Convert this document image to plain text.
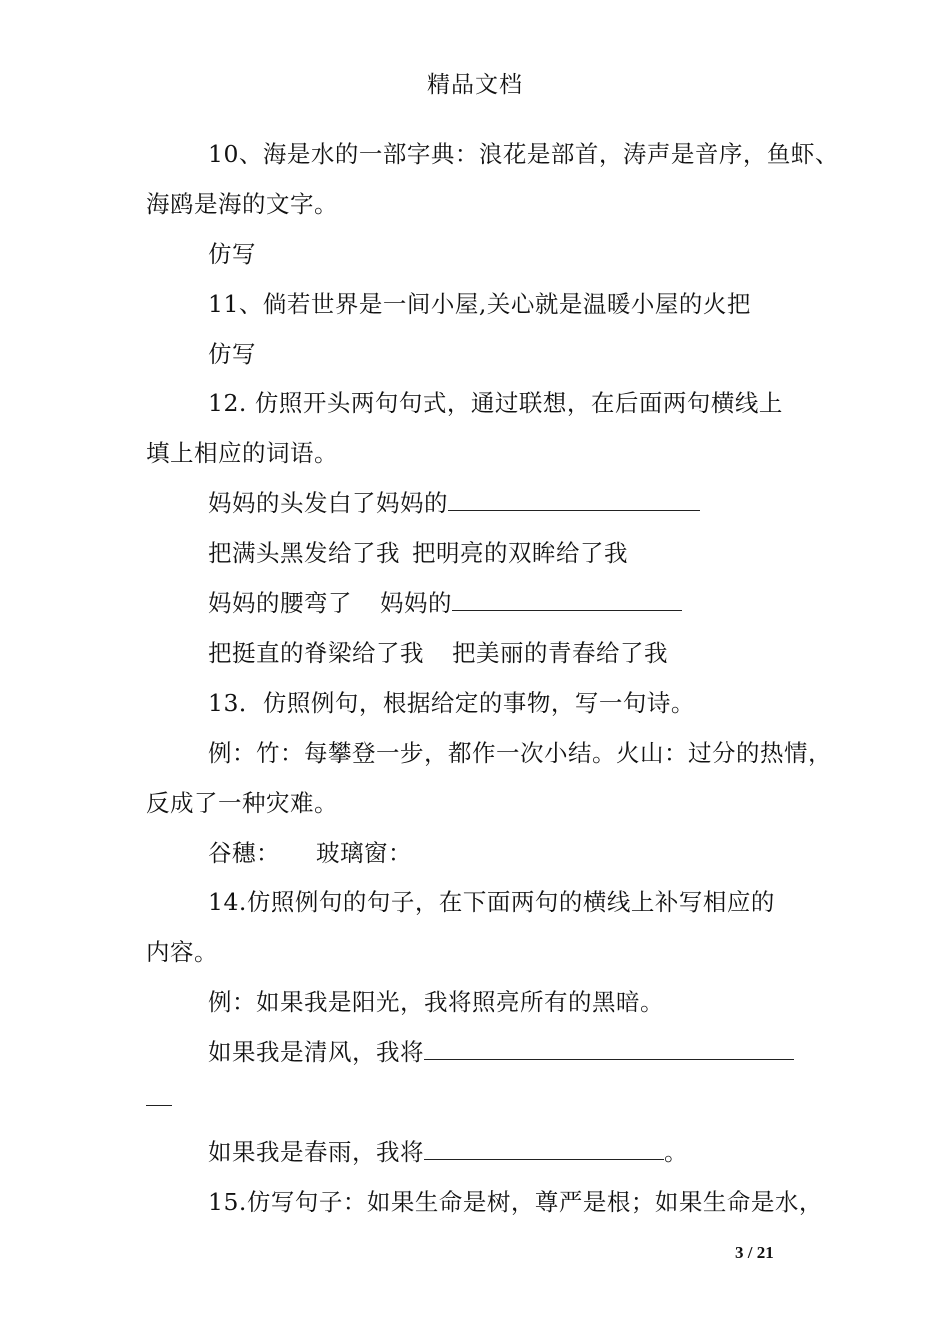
精品文档
10、海是水的一部字典：浪花是部首，涛声是音序，鱼虾、
海鸥是海的文字。
仿写
11、倘若世界是一间小屋,关心就是温暖小屋的火把
仿写
12. 仿照开头两句句式，通过联想，在后面两句横线上
填上相应的词语。
妈妈的头发白了妈妈的
把满头黑发给了我 把明亮的双眸给了我
妈妈的腰弯了 妈妈的
把挺直的脊梁给了我 把美丽的青春给了我
13．仿照例句，根据给定的事物，写一句诗。
例：竹：每攀登一步，都作一次小结。火山：过分的热情，
反成了一种灾难。
谷穗： 玻璃窗：
14.仿照例句的句子，在下面两句的横线上补写相应的
内容。
例：如果我是阳光，我将照亮所有的黑暗。
如果我是清风，我将
如果我是春雨，我将	。
15.仿写句子：如果生命是树，尊严是根；如果生命是水，
3 / 21
